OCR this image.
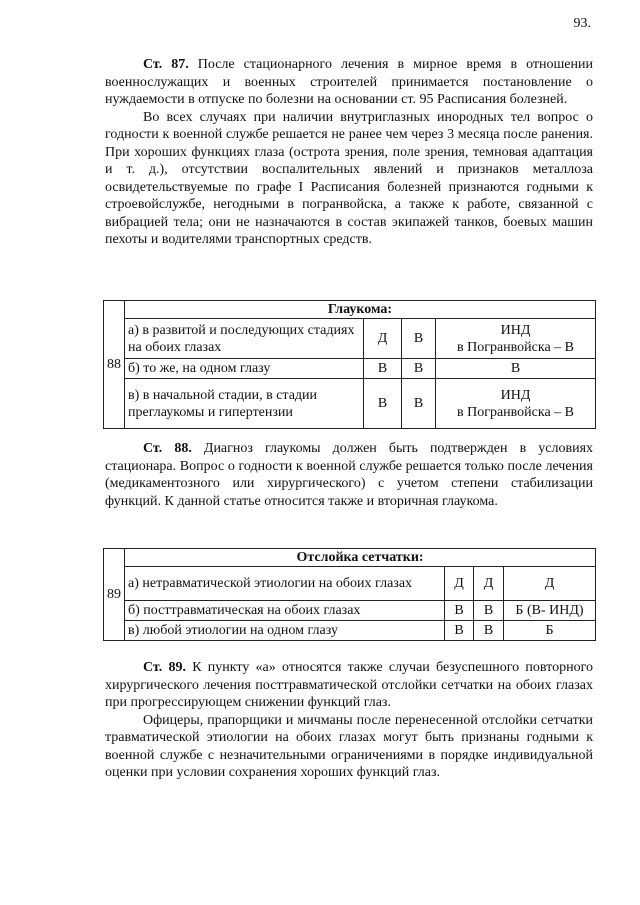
93.

Ст. 87. После стационарного лечения в мирное время в отношении военнослужащих и военных строителей принимается постановление о нуждаемости в отпуске по болезни на основании ст. 95 Расписания болезней.

Во всех случаях при наличии внутриглазных инородных тел вопрос о годности к военной службе решается не ранее чем через 3 месяца после ранения. При хороших функциях глаза (острота зрения, поле зрения, темновая адаптация и т. д.), отсутствии воспалительных явлений и признаков металлоза освидетельствуемые по графе I Расписания болезней признаются годными к строевойслужбе, негодными в погранвойска, а также к работе, связанной с вибрацией тела; они не назначаются в состав экипажей танков, боевых машин пехоты и водителями транспортных средств.

88	Глаукома:			
	а) в развитой и последующих стадиях на обоих глазах	Д	В	ИНД
в Погранвойска – В

	б) то же, на одном глазу	В	В	В
	в) в начальной стадии, в стадии преглаукомы и гипертензии	В	В	ИНД
в Погранвойска – В

Ст. 88. Диагноз глаукомы должен быть подтвержден в условиях стационара. Вопрос о годности к военной службе решается только после лечения (медикаментозного или хирургического) с учетом степени стабилизации функций. К данной статье относится также и вторичная глаукома.

89	Отслойка сетчатки:			
	а) нетравматической этиологии на обоих глазах	Д	Д	Д
	б) посттравматическая на обоих глазах	В	В	Б (В- ИНД)
	в) любой этиологии на одном глазу	В	В	Б

Ст. 89. К пункту «а» относятся также случаи безуспешного повторного хирургического лечения посттравматической отслойки сетчатки на обоих глазах при прогрессирующем снижении функций глаз.

Офицеры, прапорщики и мичманы после перенесенной отслойки сетчатки травматической этиологии на обоих глазах могут быть признаны годными к военной службе с незначительными ограничениями в порядке индивидуальной оценки при условии сохранения хороших функций глаз.
